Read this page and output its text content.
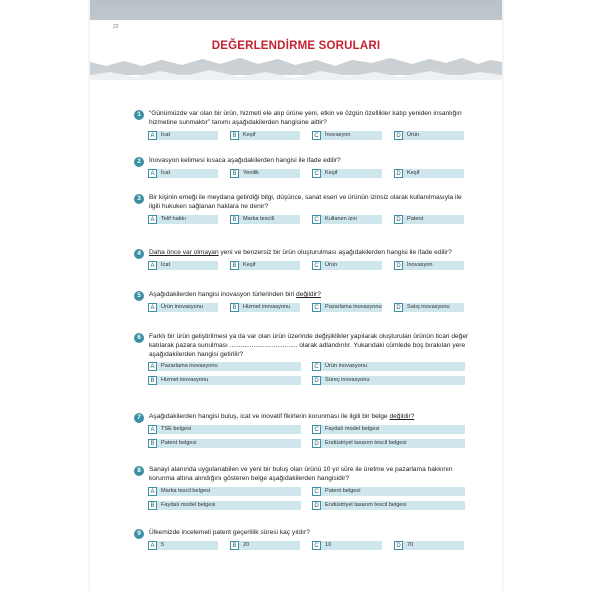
22
DEĞERLENDİRME SORULARI
1	“Günümüzde var olan bir ürün, hizmeti ele alıp ürüne yeni, etkin ve özgün özellikler katıp yeniden insanlığın hizmetine sunmaktır” tanımı aşağıdakilerden hangisine aittir?
A	İcat	B	Keşif	C	İnovasyon	D	Ürün
2	İnovasyon kelimesi kısaca aşağıdakilerden hangisi ile ifade edilir?
A	İcat	B	Yenilik	C	Keşif	D	Keşif
3	Bir kişinin emeği ile meydana getirdiği bilgi, düşünce, sanat eseri ve ürünün izinsiz olarak kullanılmasıyla ile ilgili hukuken sağlanan haklara ne denir?
A	Telif hakkı	B	Marka tescili	C	Kullanım izni	D	Patent
4	Daha önce var olmayan yeni ve benzersiz bir ürün oluşturulması aşağıdakilerden hangisi ile ifade edilir?
A	İcat	B	Keşif	C	Ürün	D	İnovasyon
5	Aşağıdakilerden hangisi inovasyon türlerinden biri değildir?
A	Ürün inovasyonu	B	Hizmet inovasyonu	C	Pazarlama inovasyonu	D	Satış inovasyonu
6	Farklı bir ürün geliştirilmesi ya da var olan ürün üzerinde değişiklikler yapılarak oluşturulan ürünün ticari değer katılarak pazara sunulması ..................................... olarak adlandırılır. Yukarıdaki cümlede boş bırakılan yere aşağıdakilerden hangisi getirilir?
A	Pazarlama inovasyonu	C	Ürün inovasyonu
B	Hizmet inovasyonu	D	Süreç inovasyonu
7	Aşağıdakilerden hangisi buluş, icat ve inovatif fikirlerin korunması ile ilgili bir belge değildir?
A	TSE belgesi	C	Faydalı model belgesi
B	Patent belgesi	D	Endüstriyel tasarım tescil belgesi
8	Sanayi alanında uygulanabilen ve yeni bir buluş olan ürünü 10 yıl süre ile üretme ve pazarlama hakkının korunma altına alındığını gösteren belge aşağıdakilerden hangisidir?
A	Marka tescil belgesi	C	Patent belgesi
B	Faydalı model belgesi	D	Endüstriyel tasarım tescil belgesi
9	Ülkemizde incelemeli patent geçerlilik süresi kaç yıldır?
A	5	B	20	C	10	D	70
